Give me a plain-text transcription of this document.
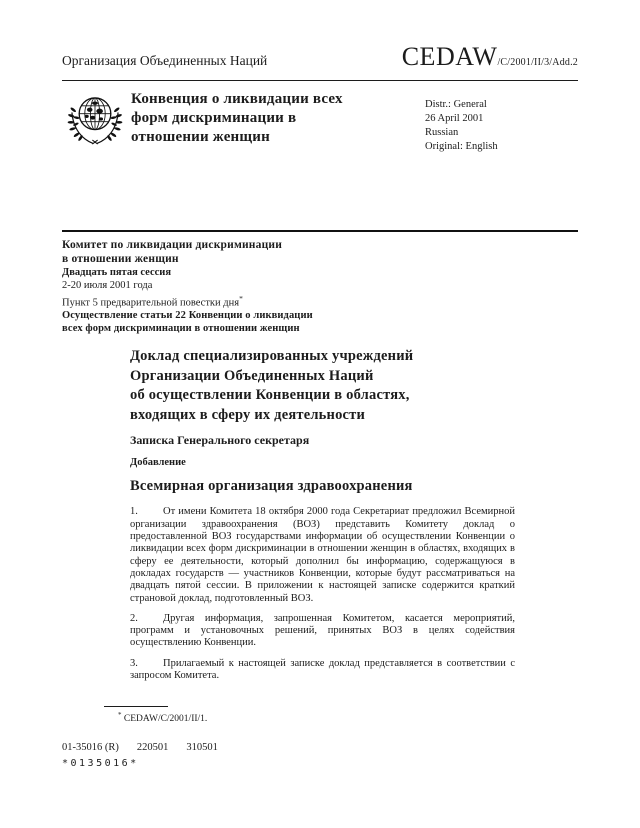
Организация Объединенных Наций	CEDAW/C/2001/II/3/Add.2
Конвенция о ликвидации всех
форм дискриминации в
отношении женщин
Distr.: General
26 April 2001
Russian
Original: English
Комитет по ликвидации дискриминации
в отношении женщин
Двадцать пятая сессия
2-20 июля 2001 года
Пункт 5 предварительной повестки дня*
Осуществление статьи 22 Конвенции о ликвидации
всех форм дискриминации в отношении женщин
Доклад специализированных учреждений
Организации Объединенных Наций
об осуществлении Конвенции в областях,
входящих в сферу их деятельности
Записка Генерального секретаря
Добавление
Всемирная организация здравоохранения
1. От имени Комитета 18 октября 2000 года Секретариат предложил Всемирной организации здравоохранения (ВОЗ) представить Комитету доклад о предоставленной ВОЗ государствами информации об осуществлении Конвенции о ликвидации всех форм дискриминации в отношении женщин в областях, входящих в сферу ее деятельности, который дополнил бы информацию, содержащуюся в докладах государств — участников Конвенции, которые будут рассматриваться на двадцать пятой сессии. В приложении к настоящей записке содержится краткий страновой доклад, подготовленный ВОЗ.
2. Другая информация, запрошенная Комитетом, касается мероприятий, программ и установочных решений, принятых ВОЗ в целях содействия осуществлению Конвенции.
3. Прилагаемый к настоящей записке доклад представляется в соответствии с запросом Комитета.
* CEDAW/C/2001/II/1.
01-35016 (R) 220501 310501
*0135016*
